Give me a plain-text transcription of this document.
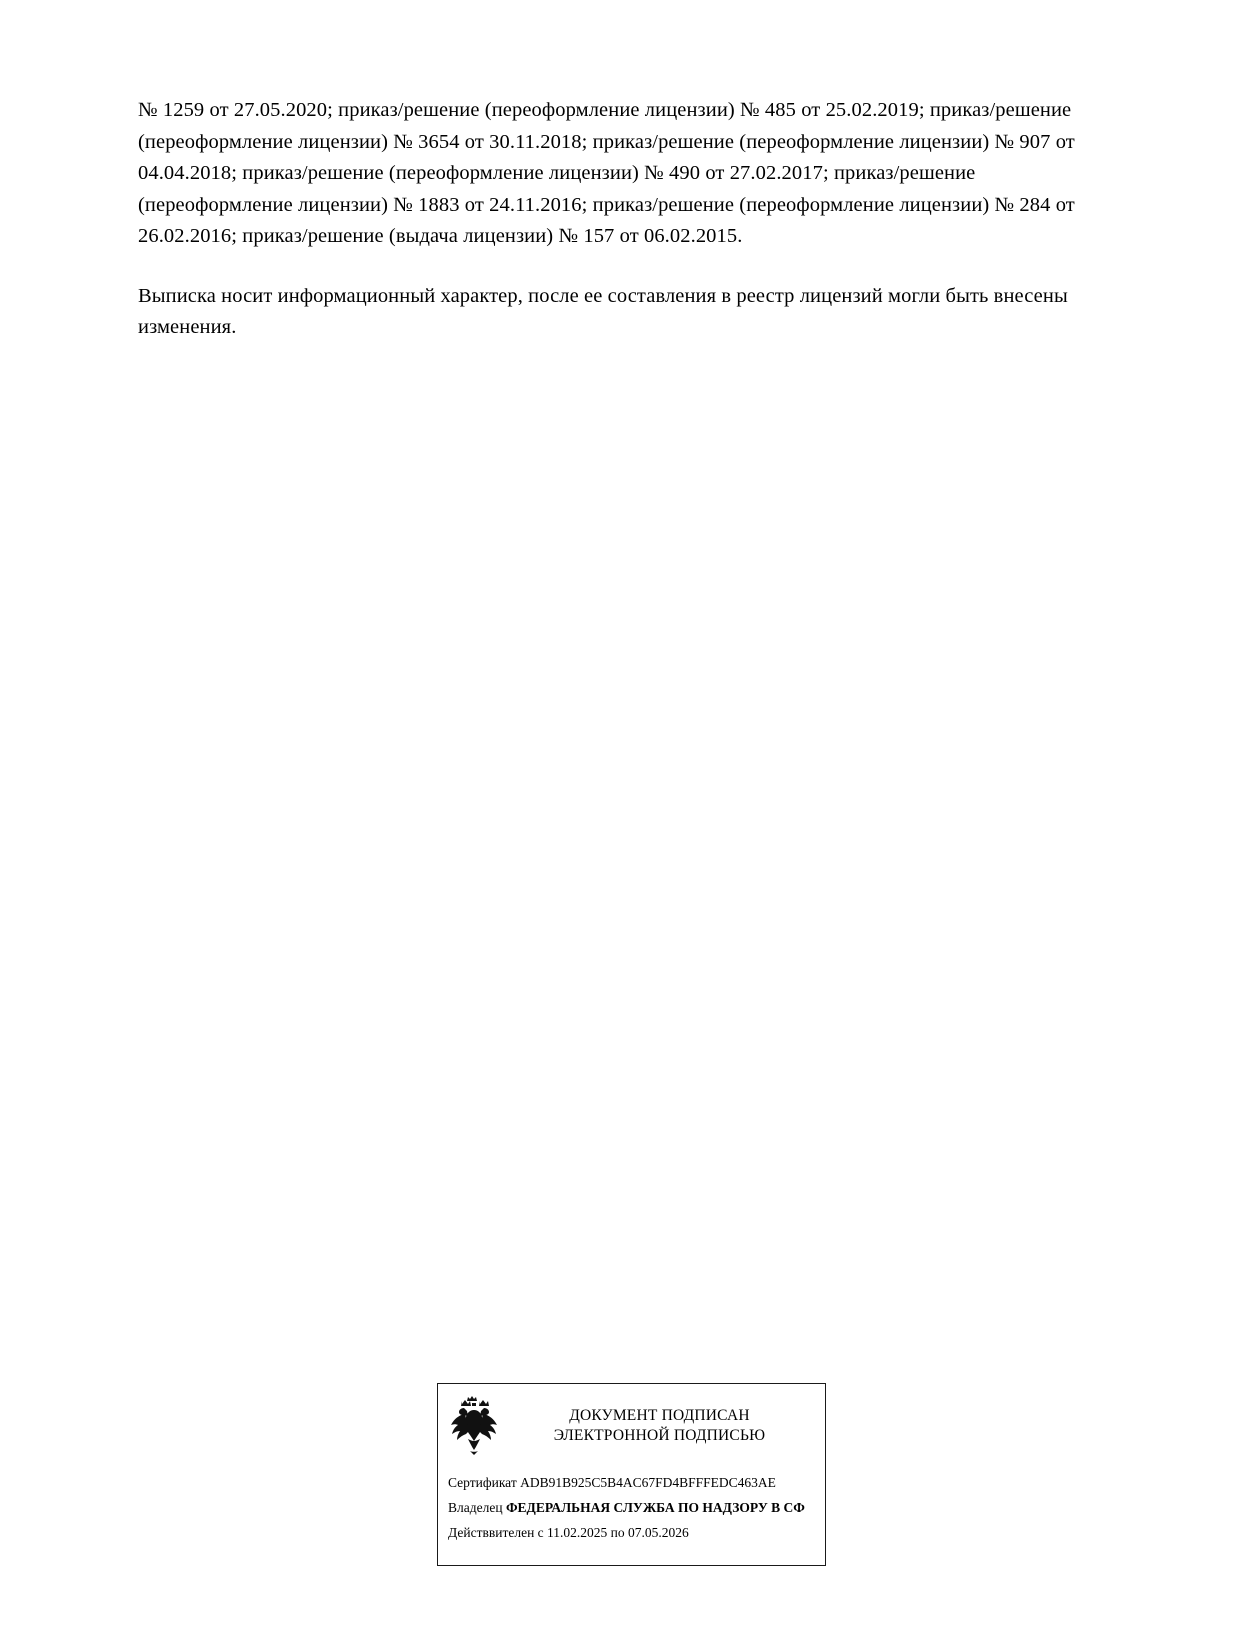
№ 1259 от 27.05.2020; приказ/решение (переоформление лицензии) № 485 от 25.02.2019; приказ/решение (переоформление лицензии) № 3654 от 30.11.2018; приказ/решение (переоформление лицензии) № 907 от 04.04.2018; приказ/решение (переоформление лицензии) № 490 от 27.02.2017; приказ/решение (переоформление лицензии) № 1883 от 24.11.2016; приказ/решение (переоформление лицензии) № 284 от 26.02.2016; приказ/решение (выдача лицензии) № 157 от 06.02.2015.

Выписка носит информационный характер, после ее составления в реестр лицензий могли быть внесены изменения.

ДОКУМЕНТ ПОДПИСАН
ЭЛЕКТРОННОЙ ПОДПИСЬЮ
Сертификат ADB91B925C5B4AC67FD4BFFFEDC463AE
Владелец ФЕДЕРАЛЬНАЯ СЛУЖБА ПО НАДЗОРУ В СФ
Действвителен с 11.02.2025 по 07.05.2026
